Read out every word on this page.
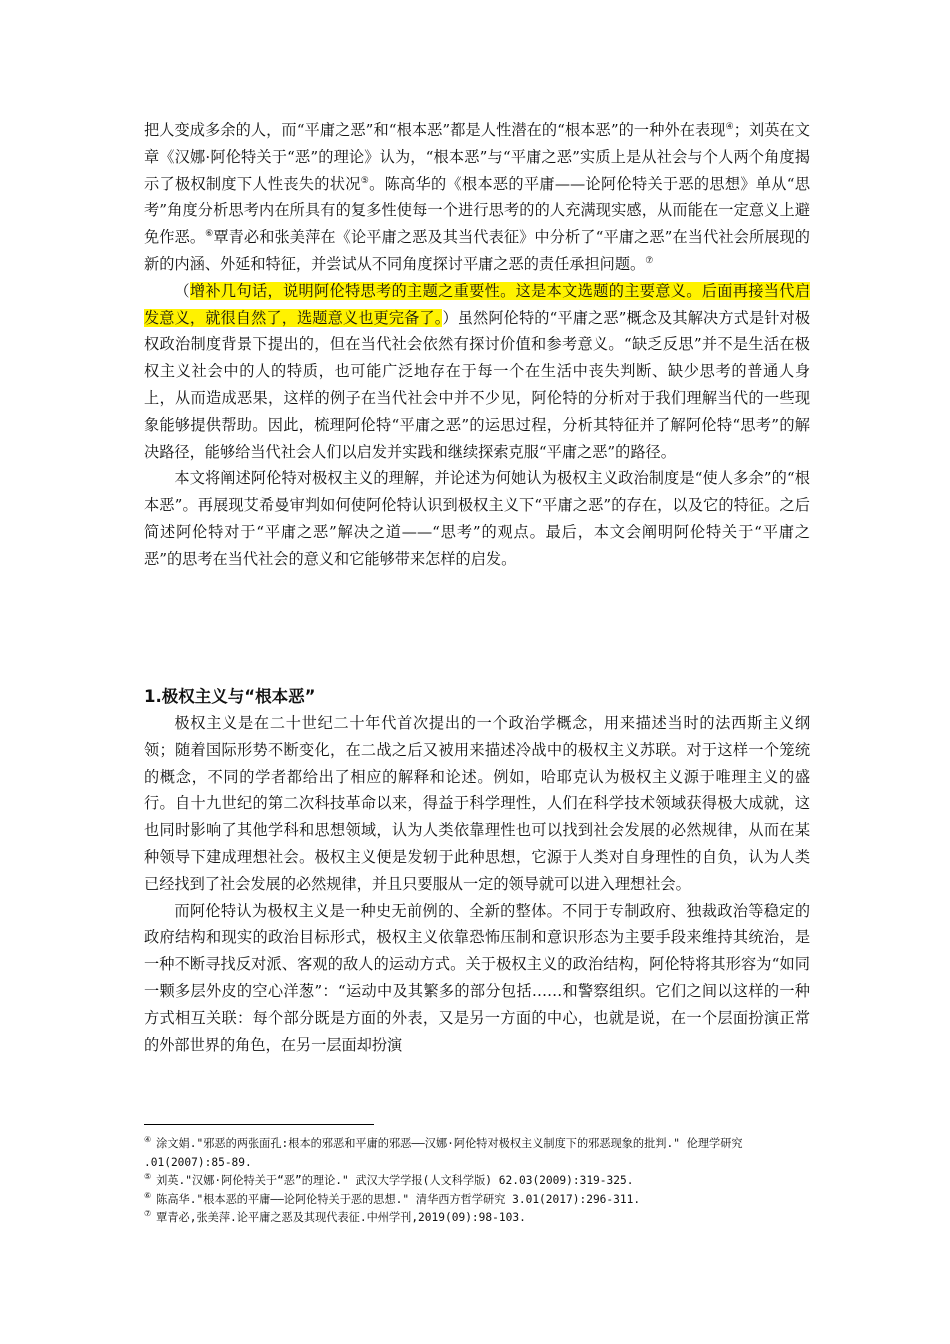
把人变成多余的人，而“平庸之恶”和“根本恶”都是人性潜在的“根本恶”的一种外在表现④；刘英在文章《汉娜·阿伦特关于“恶”的理论》认为，“根本恶”与“平庸之恶”实质上是从社会与个人两个角度揭示了极权制度下人性丧失的状况⑤。陈高华的《根本恶的平庸——论阿伦特关于恶的思想》单从“思考”角度分析思考内在所具有的复多性使每一个进行思考的的人充满现实感，从而能在一定意义上避免作恶。⑥覃青必和张美萍在《论平庸之恶及其当代表征》中分析了“平庸之恶”在当代社会所展现的新的内涵、外延和特征，并尝试从不同角度探讨平庸之恶的责任承担问题。⑦

（增补几句话，说明阿伦特思考的主题之重要性。这是本文选题的主要意义。后面再接当代启发意义，就很自然了，选题意义也更完备了。）虽然阿伦特的“平庸之恶”概念及其解决方式是针对极权政治制度背景下提出的，但在当代社会依然有探讨价值和参考意义。“缺乏反思”并不是生活在极权主义社会中的人的特质，也可能广泛地存在于每一个在生活中丧失判断、缺少思考的普通人身上，从而造成恶果，这样的例子在当代社会中并不少见，阿伦特的分析对于我们理解当代的一些现象能够提供帮助。因此，梳理阿伦特“平庸之恶”的运思过程，分析其特征并了解阿伦特“思考”的解决路径，能够给当代社会人们以启发并实践和继续探索克服“平庸之恶”的路径。

本文将阐述阿伦特对极权主义的理解，并论述为何她认为极权主义政治制度是“使人多余”的“根本恶”。再展现艾希曼审判如何使阿伦特认识到极权主义下“平庸之恶”的存在，以及它的特征。之后简述阿伦特对于“平庸之恶”解决之道——“思考”的观点。最后，本文会阐明阿伦特关于“平庸之恶”的思考在当代社会的意义和它能够带来怎样的启发。

1.极权主义与“根本恶”

极权主义是在二十世纪二十年代首次提出的一个政治学概念，用来描述当时的法西斯主义纲领；随着国际形势不断变化，在二战之后又被用来描述冷战中的极权主义苏联。对于这样一个笼统的概念，不同的学者都给出了相应的解释和论述。例如，哈耶克认为极权主义源于唯理主义的盛行。自十九世纪的第二次科技革命以来，得益于科学理性，人们在科学技术领域获得极大成就，这也同时影响了其他学科和思想领域，认为人类依靠理性也可以找到社会发展的必然规律，从而在某种领导下建成理想社会。极权主义便是发轫于此种思想，它源于人类对自身理性的自负，认为人类已经找到了社会发展的必然规律，并且只要服从一定的领导就可以进入理想社会。

而阿伦特认为极权主义是一种史无前例的、全新的整体。不同于专制政府、独裁政治等稳定的政府结构和现实的政治目标形式，极权主义依靠恐怖压制和意识形态为主要手段来维持其统治，是一种不断寻找反对派、客观的敌人的运动方式。关于极权主义的政治结构，阿伦特将其形容为“如同一颗多层外皮的空心洋葱”：“运动中及其繁多的部分包括……和警察组织。它们之间以这样的一种方式相互关联：每个部分既是方面的外表，又是另一方面的中心，也就是说，在一个层面扮演正常的外部世界的角色，在另一层面却扮演

④ 涂文娟."邪恶的两张面孔:根本的邪恶和平庸的邪恶——汉娜·阿伦特对极权主义制度下的邪恶现象的批判." 伦理学研究 .01(2007):85-89.

⑤ 刘英."汉娜·阿伦特关于“恶”的理论." 武汉大学学报(人文科学版) 62.03(2009):319-325.

⑥ 陈高华."根本恶的平庸——论阿伦特关于恶的思想." 清华西方哲学研究 3.01(2017):296-311.

⑦ 覃青必,张美萍.论平庸之恶及其现代表征.中州学刊,2019(09):98-103.
